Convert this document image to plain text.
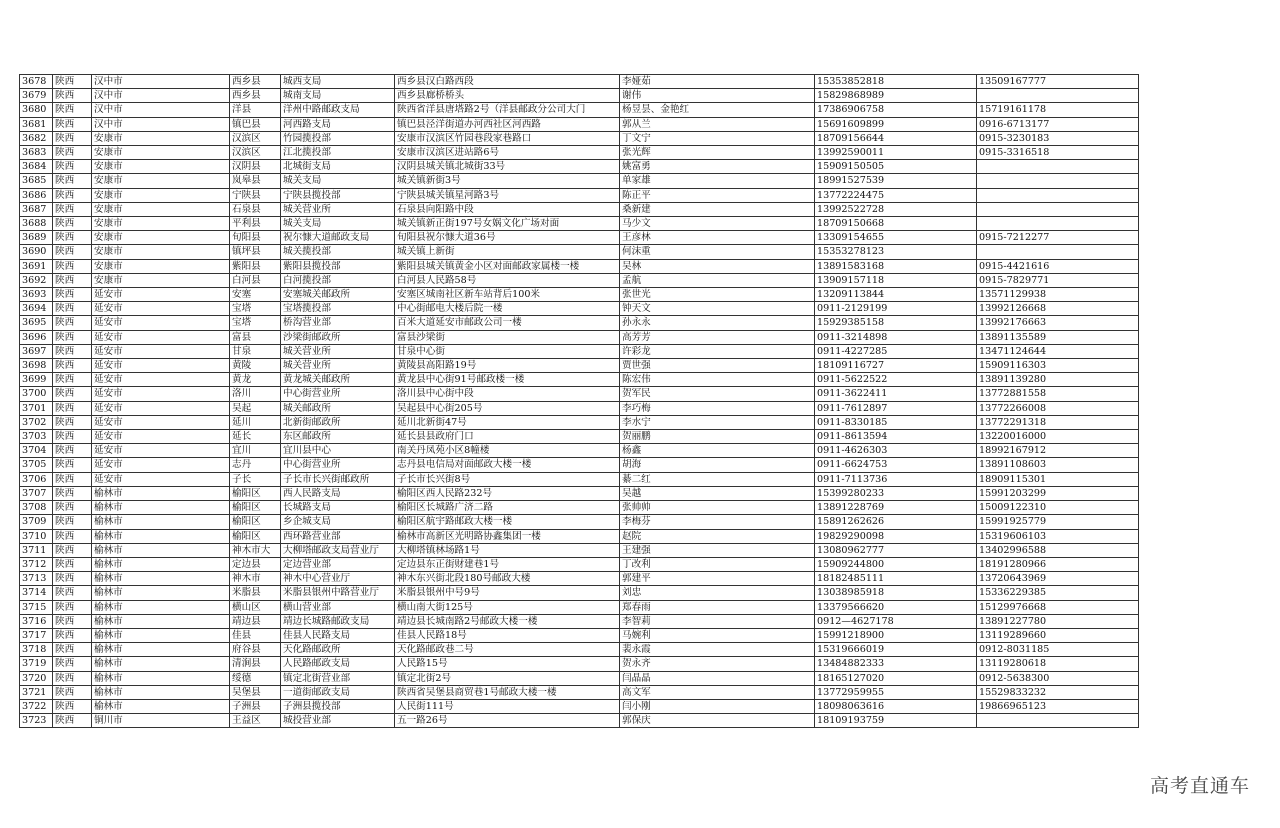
3678	陕西	汉中市	西乡县	城西支局	西乡县汉白路西段	李娅茹	15353852818	13509167777
3679	陕西	汉中市	西乡县	城南支局	西乡县廊桥桥头	谢伟	15829868989	
3680	陕西	汉中市	洋县	洋州中路邮政支局	陕西省洋县唐塔路2号（洋县邮政分公司大门	杨昱昙、金艳红	17386906758	15719161178
3681	陕西	汉中市	镇巴县	河西路支局	镇巴县泾洋街道办河西社区河西路	郭从兰	15691609899	0916-6713177
3682	陕西	安康市	汉滨区	竹园揽投部	安康市汉滨区竹园巷段家巷路口	丁文宁	18709156644	0915-3230183
3683	陕西	安康市	汉滨区	江北揽投部	安康市汉滨区进站路6号	张光辉	13992590011	0915-3316518
3684	陕西	安康市	汉阴县	北城街支局	汉阴县城关镇北城街33号	姚富勇	15909150505	
3685	陕西	安康市	岚皋县	城关支局	城关镇新街3号	单家雄	18991527539	
3686	陕西	安康市	宁陕县	宁陕县揽投部	宁陕县城关镇星河路3号	陈正平	13772224475	
3687	陕西	安康市	石泉县	城关营业所	石泉县向阳路中段	桑新建	13992522728	
3688	陕西	安康市	平利县	城关支局	城关镇新正街197号女娲文化广场对面	马少文	18709150668	
3689	陕西	安康市	旬阳县	祝尔慷大道邮政支局	旬阳县祝尔慷大道36号	王彦林	13309154655	0915-7212277
3690	陕西	安康市	镇坪县	城关揽投部	城关镇上新街	何沫重	15353278123	
3691	陕西	安康市	紫阳县	紫阳县揽投部	紫阳县城关镇黄金小区对面邮政家属楼一楼	吴林	13891583168	0915-4421616
3692	陕西	安康市	白河县	白河揽投部	白河县人民路58号	孟航	13909157118	0915-7829771
3693	陕西	延安市	安塞	安塞城关邮政所	安塞区城南社区新车站背后100米	张世光	13209113844	13571129938
3694	陕西	延安市	宝塔	宝塔揽投部	中心街邮电大楼后院一楼	钟天文	0911-2129199	13992126668
3695	陕西	延安市	宝塔	桥沟营业部	百米大道延安市邮政公司一楼	孙永永	15929385158	13992176663
3696	陕西	延安市	富县	沙梁街邮政所	富县沙梁街	高芳芳	0911-3214898	13891135589
3697	陕西	延安市	甘泉	城关营业所	甘泉中心街	许彩龙	0911-4227285	13471124644
3698	陕西	延安市	黄陵	城关营业所	黄陵县高阳路19号	贾世强	18109116727	15909116303
3699	陕西	延安市	黄龙	黄龙城关邮政所	黄龙县中心街91号邮政楼一楼	陈宏伟	0911-5622522	13891139280
3700	陕西	延安市	洛川	中心街营业所	洛川县中心街中段	贺军民	0911-3622411	13772881558
3701	陕西	延安市	吴起	城关邮政所	吴起县中心街205号	李巧梅	0911-7612897	13772266008
3702	陕西	延安市	延川	北新街邮政所	延川北新街47号	李水宁	0911-8330185	13772291318
3703	陕西	延安市	延长	东区邮政所	延长县县政府门口	贺丽鹏	0911-8613594	13220016000
3704	陕西	延安市	宜川	宜川县中心	南关丹凤苑小区8幢楼	杨鑫	0911-4626303	18992167912
3705	陕西	延安市	志丹	中心街营业所	志丹县电信局对面邮政大楼一楼	胡海	0911-6624753	13891108603
3706	陕西	延安市	子长	子长市长兴街邮政所	子长市长兴街8号	綦二红	0911-7113736	18909115301
3707	陕西	榆林市	榆阳区	西人民路支局	榆阳区西人民路232号	吴越	15399280233	15991203299
3708	陕西	榆林市	榆阳区	长城路支局	榆阳区长城路广济二路	张帅帅	13891228769	15009122310
3709	陕西	榆林市	榆阳区	乡企城支局	榆阳区航宇路邮政大楼一楼	李梅芬	15891262626	15991925779
3710	陕西	榆林市	榆阳区	西环路营业部	榆林市高新区光明路协鑫集团一楼	赵院	19829290098	15319606103
3711	陕西	榆林市	神木市大	大柳塔邮政支局营业厅	大柳塔镇林场路1号	王建强	13080962777	13402996588
3712	陕西	榆林市	定边县	定边营业部	定边县东正街财建巷1号	丁改利	15909244800	18191280966
3713	陕西	榆林市	神木市	神木中心营业厅	神木东兴街北段180号邮政大楼	郭建平	18182485111	13720643969
3714	陕西	榆林市	米脂县	米脂县银州中路营业厅	米脂县银州中号9号	刘忠	13038985918	15336229385
3715	陕西	榆林市	横山区	横山营业部	横山南大街125号	郑春雨	13379566620	15129976668
3716	陕西	榆林市	靖边县	靖边长城路邮政支局	靖边县长城南路2号邮政大楼一楼	李智莉	0912—4627178	13891227780
3717	陕西	榆林市	佳县	佳县人民路支局	佳县人民路18号	马婉利	15991218900	13119289660
3718	陕西	榆林市	府谷县	天化路邮政所	天化路邮政巷二号	裴永霞	15319666019	0912-8031185
3719	陕西	榆林市	清涧县	人民路邮政支局	人民路15号	贺永齐	13484882333	13119280618
3720	陕西	榆林市	绥德	镇定北街营业部	镇定北街2号	闫晶晶	18165127020	0912-5638300
3721	陕西	榆林市	吴堡县	一道街邮政支局	陕西省吴堡县商贸巷1号邮政大楼一楼	高文军	13772959955	15529833232
3722	陕西	榆林市	子洲县	子洲县揽投部	人民街111号	闫小刚	18098063616	19866965123
3723	陕西	铜川市	王益区	城投营业部	五一路26号	郭保庆	18109193759	
高考直通车
